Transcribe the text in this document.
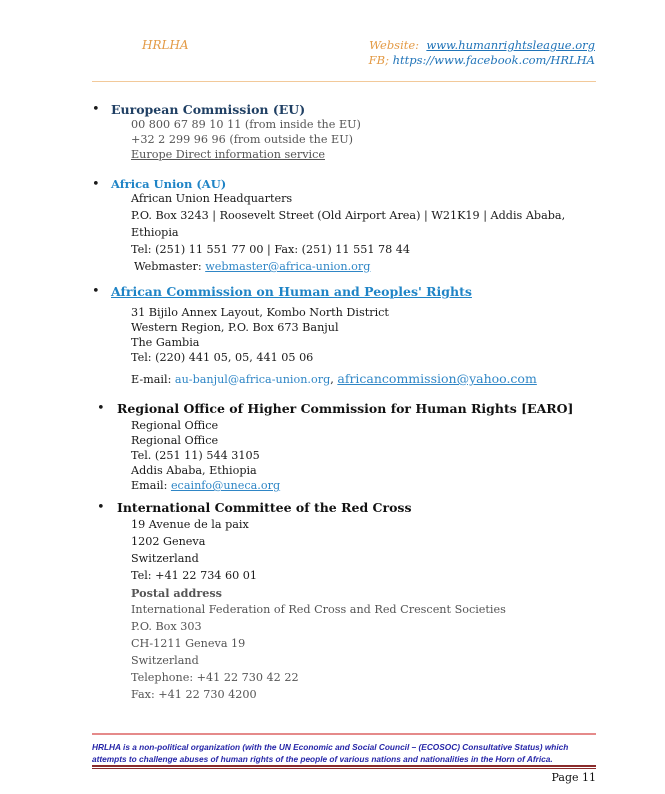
HRLHA	Website: www.humanrightsleague.org
FB; https://www.facebook.com/HRLHA
• European Commission (EU)
00 800 67 89 10 11 (from inside the EU)
+32 2 299 96 96 (from outside the EU)
Europe Direct information service
• Africa Union (AU)
African Union Headquarters
P.O. Box 3243 | Roosevelt Street (Old Airport Area) | W21K19 | Addis Ababa,
Ethiopia
Tel: (251) 11 551 77 00 | Fax: (251) 11 551 78 44
Webmaster: webmaster@africa-union.org
• African Commission on Human and Peoples' Rights
31 Bijilo Annex Layout, Kombo North District
Western Region, P.O. Box 673 Banjul
The Gambia
Tel: (220) 441 05, 05, 441 05 06
E-mail: au-banjul@africa-union.org, africancommission@yahoo.com
• Regional Office of Higher Commission for Human Rights [EARO]
Regional Office
Regional Office
Tel. (251 11) 544 3105
Addis Ababa, Ethiopia
Email: ecainfo@uneca.org
• International Committee of the Red Cross
19 Avenue de la paix
1202 Geneva
Switzerland
Tel: +41 22 734 60 01
Postal address
International Federation of Red Cross and Red Crescent Societies
P.O. Box 303
CH-1211 Geneva 19
Switzerland
Telephone: +41 22 730 42 22
Fax: +41 22 730 4200
HRLHA is a non-political organization (with the UN Economic and Social Council – (ECOSOC) Consultative Status) which attempts to challenge abuses of human rights of the people of various nations and nationalities in the Horn of Africa.
Page 11
